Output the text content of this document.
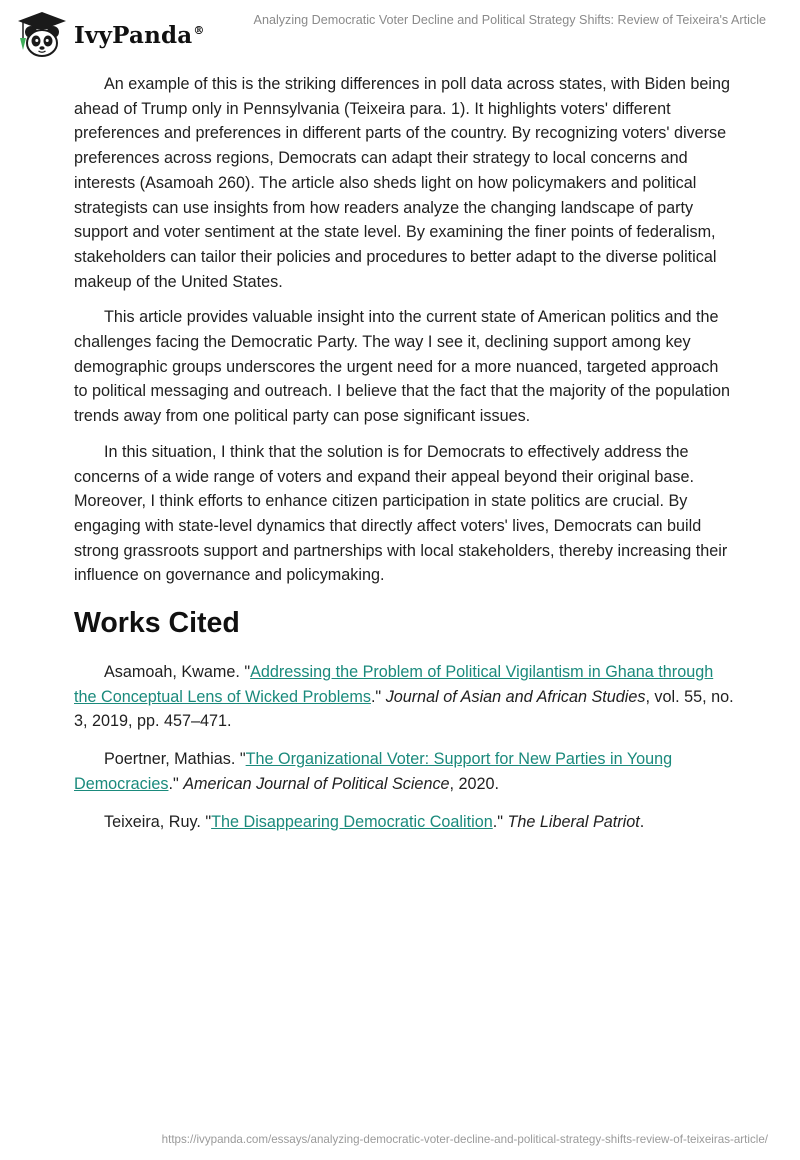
IvyPanda®
Analyzing Democratic Voter Decline and Political Strategy Shifts: Review of Teixeira's Article

An example of this is the striking differences in poll data across states, with Biden being ahead of Trump only in Pennsylvania (Teixeira para. 1). It highlights voters' different preferences and preferences in different parts of the country. By recognizing voters' diverse preferences across regions, Democrats can adapt their strategy to local concerns and interests (Asamoah 260). The article also sheds light on how policymakers and political strategists can use insights from how readers analyze the changing landscape of party support and voter sentiment at the state level. By examining the finer points of federalism, stakeholders can tailor their policies and procedures to better adapt to the diverse political makeup of the United States.

This article provides valuable insight into the current state of American politics and the challenges facing the Democratic Party. The way I see it, declining support among key demographic groups underscores the urgent need for a more nuanced, targeted approach to political messaging and outreach. I believe that the fact that the majority of the population trends away from one political party can pose significant issues.

In this situation, I think that the solution is for Democrats to effectively address the concerns of a wide range of voters and expand their appeal beyond their original base. Moreover, I think efforts to enhance citizen participation in state politics are crucial. By engaging with state-level dynamics that directly affect voters' lives, Democrats can build strong grassroots support and partnerships with local stakeholders, thereby increasing their influence on governance and policymaking.

Works Cited

Asamoah, Kwame. "Addressing the Problem of Political Vigilantism in Ghana through the Conceptual Lens of Wicked Problems." Journal of Asian and African Studies, vol. 55, no. 3, 2019, pp. 457–471.

Poertner, Mathias. "The Organizational Voter: Support for New Parties in Young Democracies." American Journal of Political Science, 2020.

Teixeira, Ruy. "The Disappearing Democratic Coalition." The Liberal Patriot.

https://ivypanda.com/essays/analyzing-democratic-voter-decline-and-political-strategy-shifts-review-of-teixeiras-article/
